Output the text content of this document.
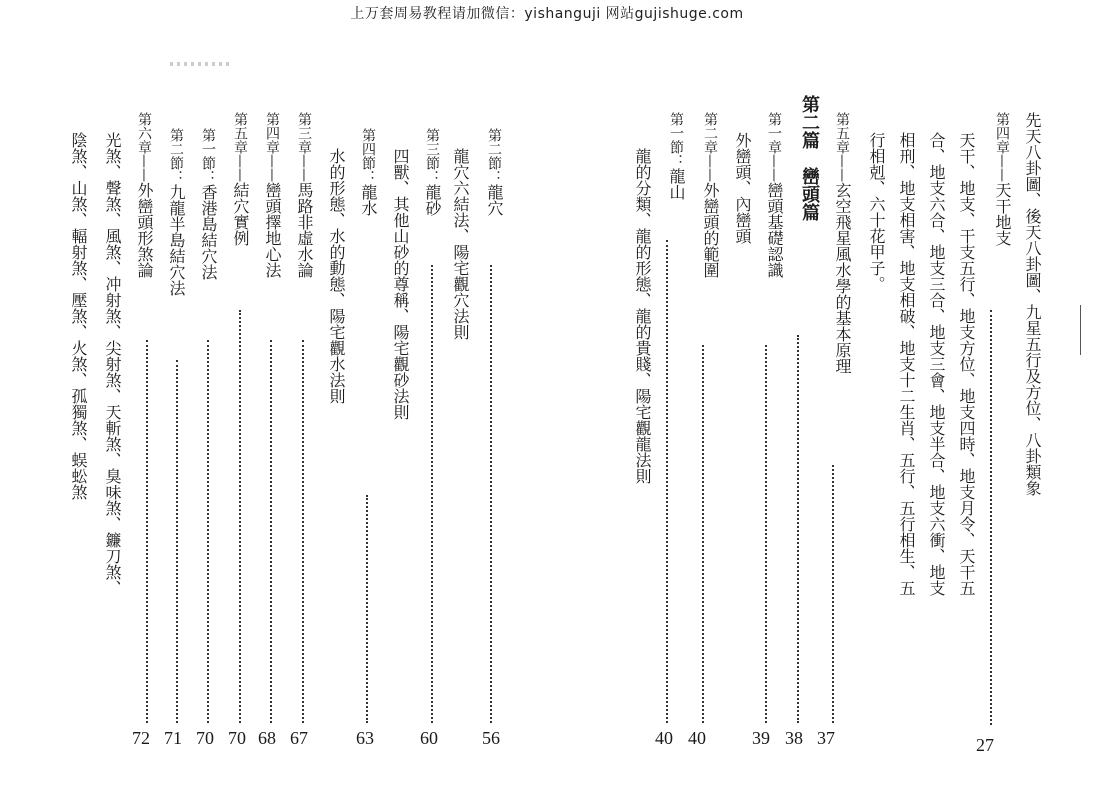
上万套周易教程请加微信：yishanguji 网站gujishuge.com
先天八卦圖、後天八卦圖、九星五行及方位、八卦類象
第四章——天干地支
27
天干、地支、干支五行、地支方位、地支四時、地支月令、天干五
合、地支六合、地支三合、地支三會、地支半合、地支六衝、地支
相刑、地支相害、地支相破、地支十二生肖、五行、五行相生、五
行相剋、六十花甲子。
第五章——玄空飛星風水學的基本原理
37
第二篇　巒頭篇
38
第一章——巒頭基礎認識
39
外巒頭、內巒頭
第二章——外巒頭的範圍
40
第一節：龍山
40
龍的分類、龍的形態、龍的貴賤、陽宅觀龍法則
第二節：龍穴
56
龍穴六結法、陽宅觀穴法則
第三節：龍砂
60
四獸、其他山砂的尊稱、陽宅觀砂法則
第四節：龍水
63
水的形態、水的動態、陽宅觀水法則
第三章——馬路非虛水論
67
第四章——巒頭擇地心法
68
第五章——結穴實例
70
第一節：香港島結穴法
70
第二節：九龍半島結穴法
71
第六章——外巒頭形煞論
72
光煞、聲煞、風煞、冲射煞、尖射煞、天斬煞、臭味煞、鐮刀煞、
陰煞、山煞、輻射煞、壓煞、火煞、孤獨煞、蜈蚣煞
